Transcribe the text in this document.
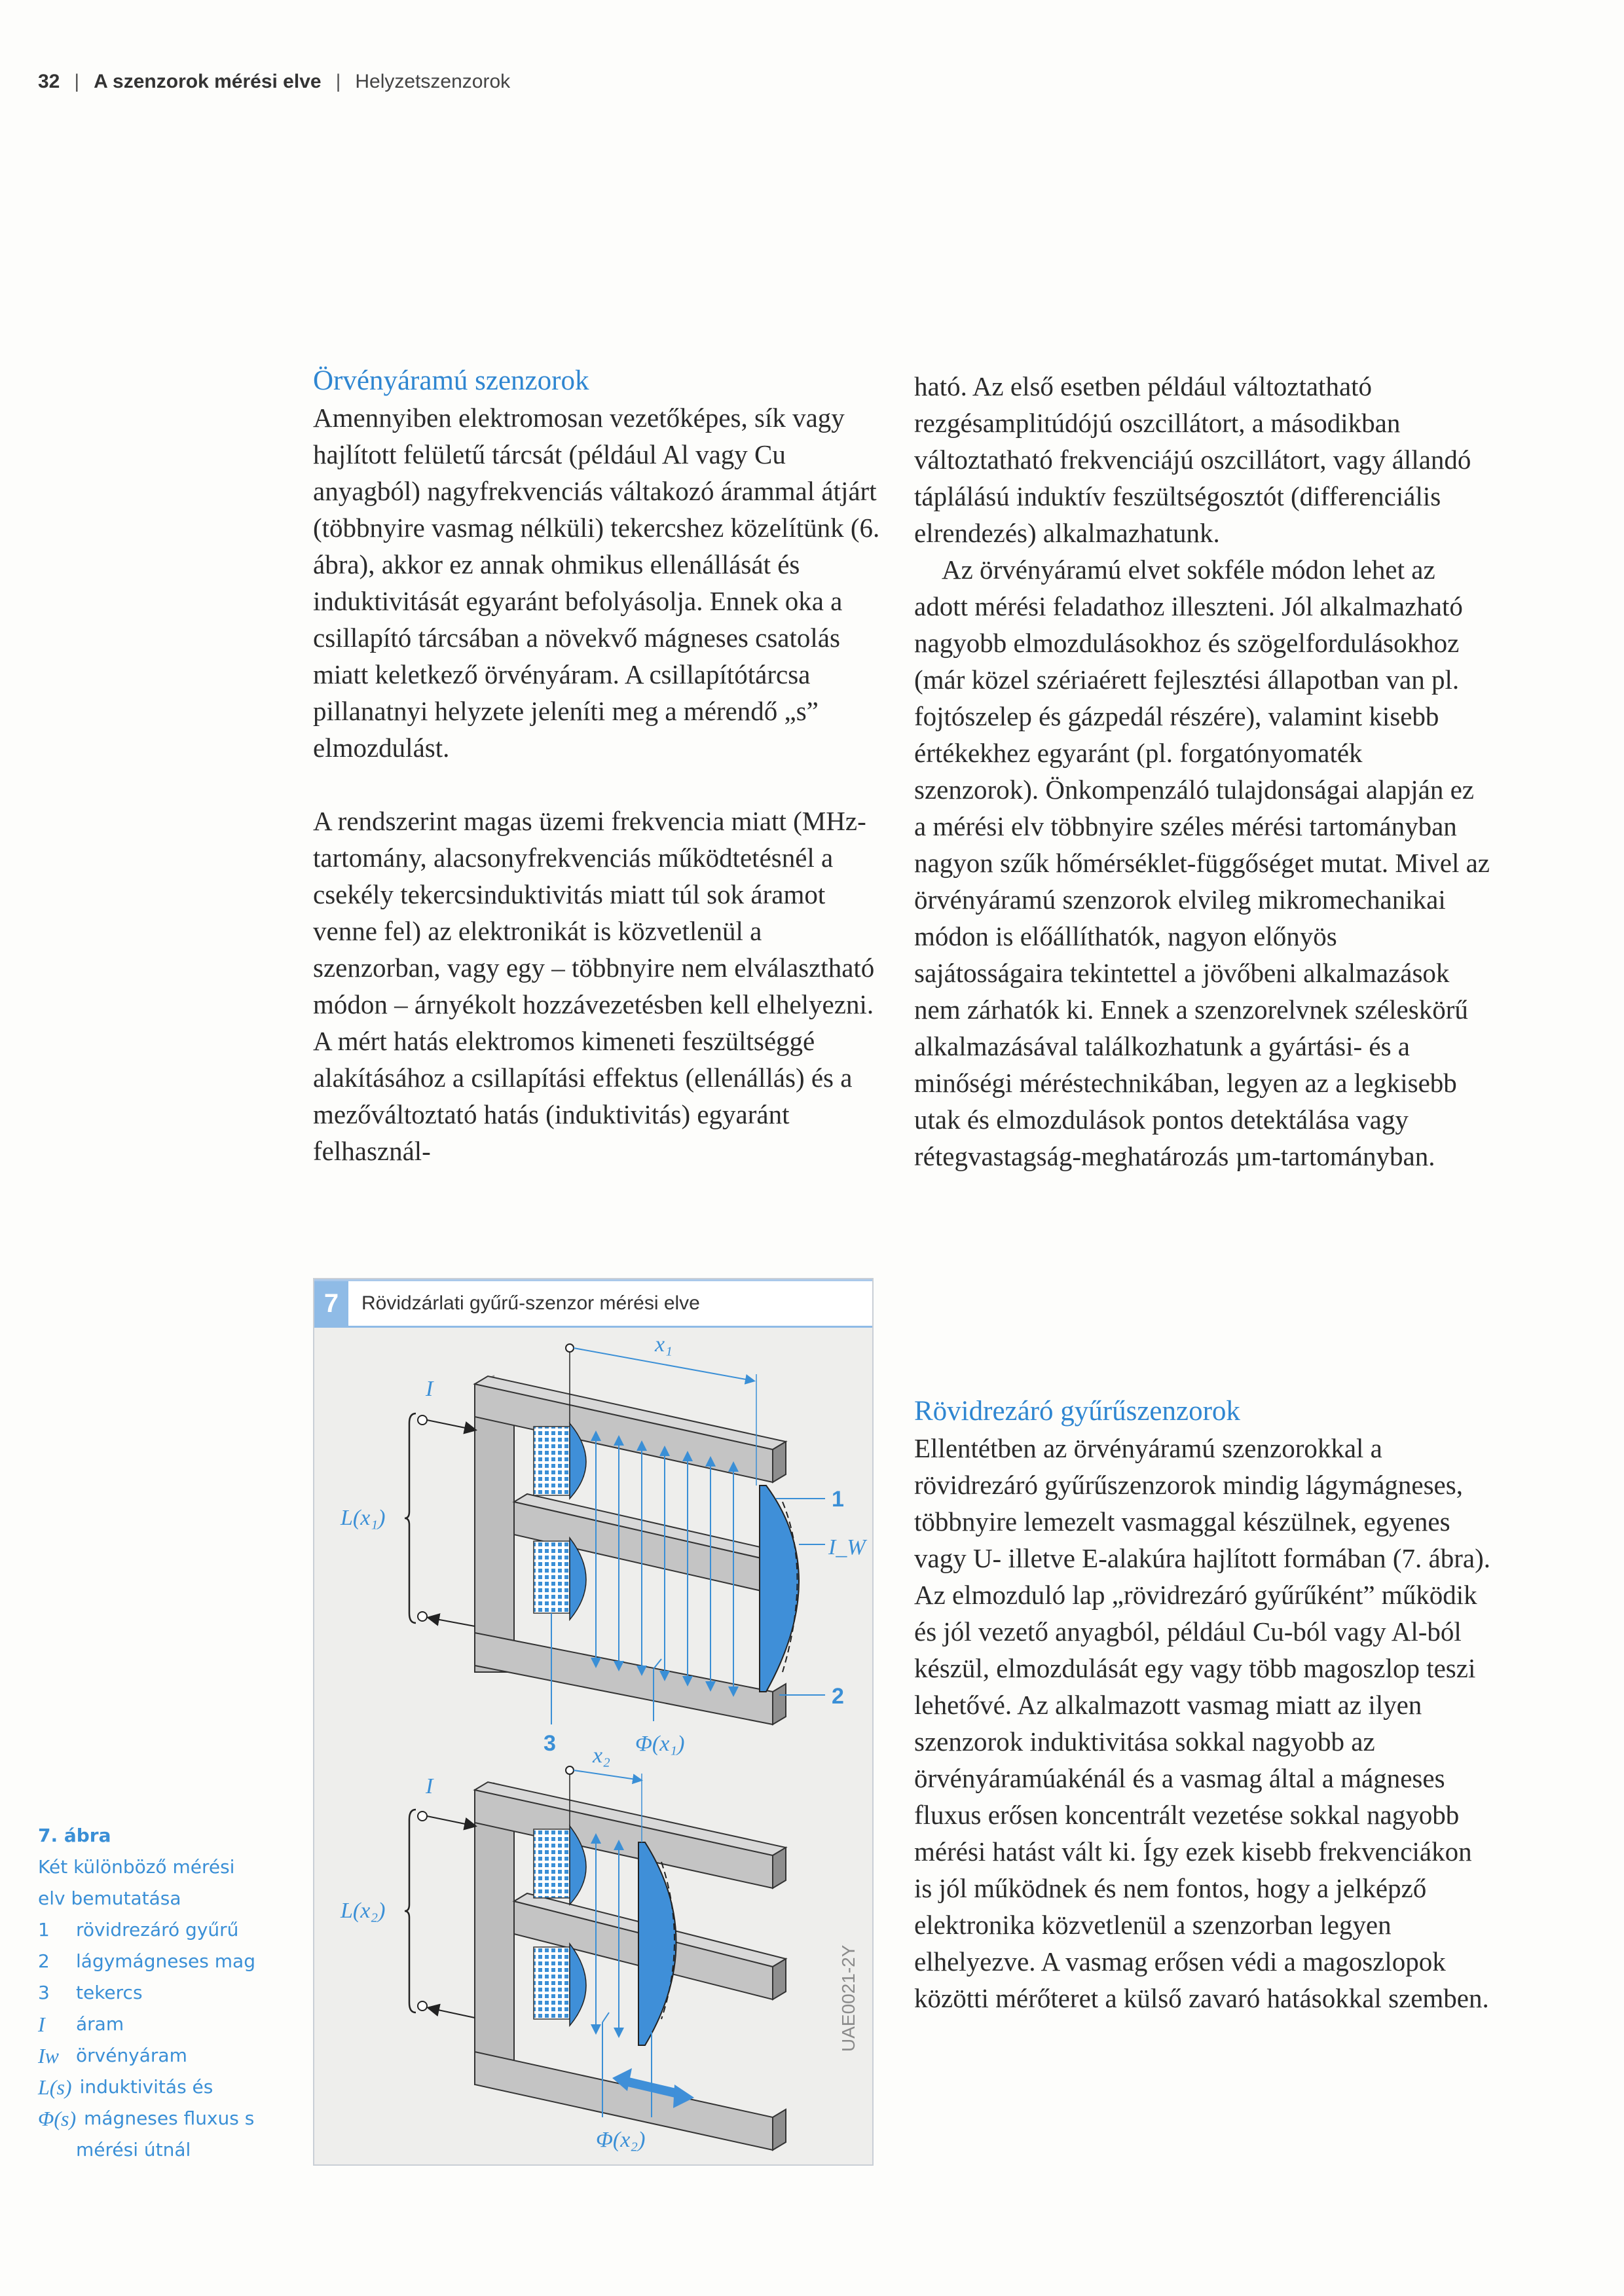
32 | A szenzorok mérési elve | Helyzetszenzorok

Örvényáramú szenzorok

Amennyiben elektromosan vezetőképes, sík vagy hajlított felületű tárcsát (például Al vagy Cu anyagból) nagyfrekvenciás váltakozó árammal átjárt (többnyire vasmag nélküli) tekercshez közelítünk (6. ábra), akkor ez annak ohmikus ellenállását és induktivitását egyaránt befolyásolja. Ennek oka a csillapító tárcsában a növekvő mágneses csatolás miatt keletkező örvényáram. A csillapítótárcsa pillanatnyi helyzete jeleníti meg a mérendő „s” elmozdulást.

A rendszerint magas üzemi frekvencia miatt (MHz-tartomány, alacsonyfrekvenciás működtetésnél a csekély tekercsinduktivitás miatt túl sok áramot venne fel) az elektronikát is közvetlenül a szenzorban, vagy egy – többnyire nem elválasztható módon – árnyékolt hozzávezetésben kell elhelyezni. A mért hatás elektromos kimeneti feszültséggé alakításához a csillapítási effektus (ellenállás) és a mezőváltoztató hatás (induktivitás) egyaránt felhasznál-

ható. Az első esetben például változtatható rezgésamplitúdójú oszcillátort, a másodikban változtatható frekvenciájú oszcillátort, vagy állandó táplálású induktív feszültségosztót (differenciális elrendezés) alkalmazhatunk.

Az örvényáramú elvet sokféle módon lehet az adott mérési feladathoz illeszteni. Jól alkalmazható nagyobb elmozdulásokhoz és szögelfordulásokhoz (már közel szériaérett fejlesztési állapotban van pl. fojtószelep és gázpedál részére), valamint kisebb értékekhez egyaránt (pl. forgatónyomaték szenzorok). Önkompenzáló tulajdonságai alapján ez a mérési elv többnyire széles mérési tartományban nagyon szűk hőmérséklet-függőséget mutat. Mivel az örvényáramú szenzorok elvileg mikromechanikai módon is előállíthatók, nagyon előnyös sajátosságaira tekintettel a jövőbeni alkalmazások nem zárhatók ki. Ennek a szenzorelvnek széleskörű alkalmazásával találkozhatunk a gyártási- és a minőségi méréstechnikában, legyen az a legkisebb utak és elmozdulások pontos detektálása vagy rétegvastagság-meghatározás µm-tartományban.

Rövidrezáró gyűrűszenzorok

Ellentétben az örvényáramú szenzorokkal a rövidrezáró gyűrűszenzorok mindig lágymágneses, többnyire lemezelt vasmaggal készülnek, egyenes vagy U- illetve E-alakúra hajlított formában (7. ábra).

Az elmozduló lap „rövidrezáró gyűrűként” működik és jól vezető anyagból, például Cu-ból vagy Al-ból készül, elmozdulását egy vagy több magoszlop teszi lehetővé. Az alkalmazott vasmag miatt az ilyen szenzorok induktivitása sokkal nagyobb az örvényáramúakénál és a vasmag által a mágneses fluxus erősen koncentrált vezetése sokkal nagyobb mérési hatást vált ki. Így ezek kisebb frekvenciákon is jól működnek és nem fontos, hogy a jelképző elektronika közvetlenül a szenzorban legyen elhelyezve. A vasmag erősen védi a magoszlopok közötti mérőteret a külső zavaró hatásokkal szemben.

7	Rövidzárlati gyűrű-szenzor mérési elve
x₁
I
L(x₁)
1
I_W
2
3	Φ(x₁)
x₂
I
L(x₂)
Φ(x₂)
UAE0021-2Y
7. ábra
Két különböző mérési
elv bemutatása
1	rövidrezáró gyűrű
2	lágymágneses mag
3	tekercs
I	áram
Iw örvényáram
L(s) induktivitás és
Φ(s) mágneses fluxus s
mérési útnál
